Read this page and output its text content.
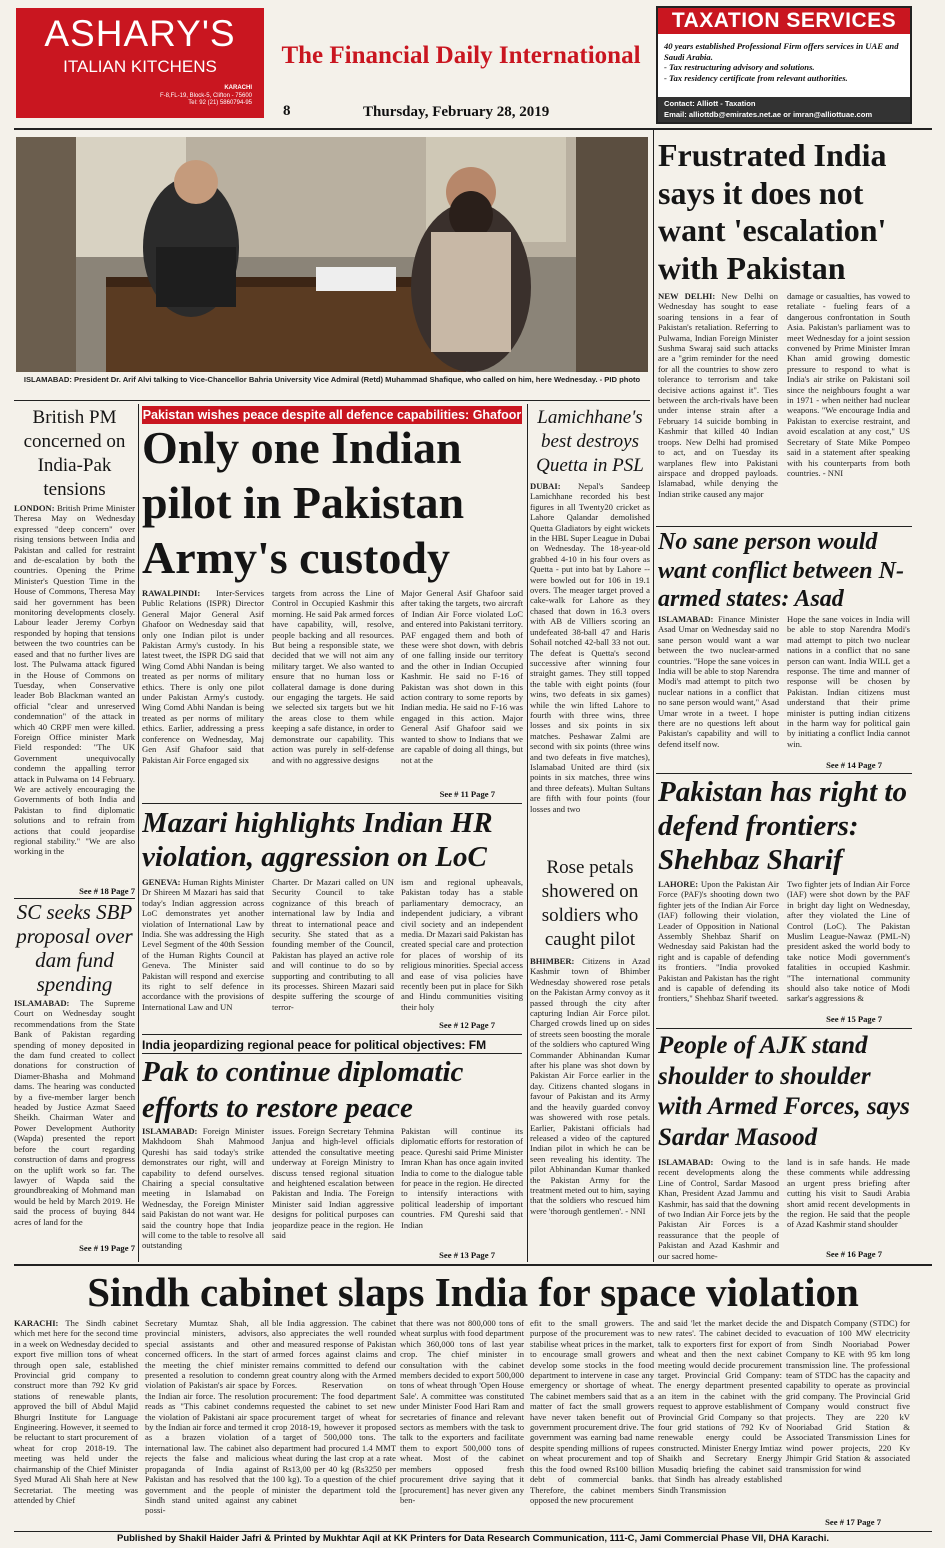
ASHARY'S
ITALIAN KITCHENS
KARACHI
F-8,FL-19, Block-5, Clifton - 75600
Tel: 92 (21) 5860794-95
The Financial Daily International
8	Thursday, February 28, 2019
TAXATION SERVICES
40 years established Professional Firm offers services in UAE and Saudi Arabia.
- Tax restructuring advisory and solutions.
- Tax residency certificate from relevant authorities.
Contact: Alliott - Taxation
Email: alliottdb@emirates.net.ae or imran@alliottuae.com
ISLAMABAD: President Dr. Arif Alvi talking to Vice-Chancellor Bahria University Vice Admiral (Retd) Muhammad Shafique, who called on him, here Wednesday. - PID photo
Frustrated India says it does not want 'escalation' with Pakistan
NEW DELHI: New Delhi on Wednesday has sought to ease soaring tensions in a fear of Pakistan's retaliation. Referring to Pulwama, Indian Foreign Minister Sushma Swaraj said such attacks are a "grim reminder for the need for all the countries to show zero tolerance to terrorism and take decisive actions against it". Ties between the arch-rivals have been under intense strain after a February 14 suicide bombing in Kashmir that killed 40 Indian troops. New Delhi had promised to act, and on Tuesday its warplanes flew into Pakistani airspace and dropped payloads. Islamabad, while denying the Indian strike caused any major
damage or casualties, has vowed to retaliate - fueling fears of a dangerous confrontation in South Asia. Pakistan's parliament was to meet Wednesday for a joint session convened by Prime Minister Imran Khan amid growing domestic pressure to respond to what is India's air strike on Pakistani soil since the neighbours fought a war in 1971 - when neither had nuclear weapons. "We encourage India and Pakistan to exercise restraint, and avoid escalation at any cost," US Secretary of State Mike Pompeo said in a statement after speaking with his counterparts from both countries. - NNI
British PM concerned on India-Pak tensions
LONDON: British Prime Minister Theresa May on Wednesday expressed "deep concern" over rising tensions between India and Pakistan and called for restraint and de-escalation by both the countries. Opening the Prime Minister's Question Time in the House of Commons, Theresa May said her government has been monitoring developments closely. Labour leader Jeremy Corbyn responded by hoping that tensions between the two countries can be eased and that no further lives are lost. The Pulwama attack figured in the House of Commons on Tuesday, when Conservative leader Bob Blackman wanted an official "clear and unreserved condemnation" of the attack in which 40 CRPF men were killed. Foreign Office minister Mark Field responded: "The UK Government unequivocally condemn the appalling terror attack in Pulwama on 14 February. We are actively encouraging the Governments of both India and Pakistan to find diplomatic solutions and to refrain from actions that could jeopardise regional stability." "We are also working in the
See # 18 Page 7
SC seeks SBP proposal over dam fund spending
ISLAMABAD: The Supreme Court on Wednesday sought recommendations from the State Bank of Pakistan regarding spending of money deposited in the dam fund created to collect donations for construction of Diamer-Bhasha and Mohmand dams. The hearing was conducted by a five-member larger bench headed by Justice Azmat Saeed Sheikh. Chairman Water and Power Development Authority (Wapda) presented the report before the court regarding construction of dams and progress on the uplift work so far. The lawyer of Wapda said the groundbreaking of Mohmand man would be held by March 2019. He said the process of buying 844 acres of land for the
See # 19 Page 7
Pakistan wishes peace despite all defence capabilities: Ghafoor
Only one Indian pilot in Pakistan Army's custody
RAWALPINDI: Inter-Services Public Relations (ISPR) Director General Major General Asif Ghafoor on Wednesday said that only one Indian pilot is under Pakistan Army's custody. In his latest tweet, the ISPR DG said that Wing Comd Abhi Nandan is being treated as per norms of military ethics. There is only one pilot under Pakistan Army's custody. Wing Comd Abhi Nandan is being treated as per norms of military ethics. Earlier, addressing a press conference on Wednesday, Maj Gen Asif Ghafoor said that Pakistan Air Force engaged six
targets from across the Line of Control in Occupied Kashmir this morning. He said Pak armed forces have capability, will, resolve, people backing and all resources. But being a responsible state, we decided that we will not aim any military target. We also wanted to ensure that no human loss or collateral damage is done during our engaging the targets. He said we selected six targets but we hit the areas close to them while keeping a safe distance, in order to demonstrate our capability. This action was purely in self-defense and with no aggressive designs
Major General Asif Ghafoor said after taking the targets, two aircraft of Indian Air Force violated LoC and entered into Pakistani territory. PAF engaged them and both of these were shot down, with debris of one falling inside our territory and the other in Indian Occupied Kashmir. He said no F-16 of Pakistan was shot down in this action contrary to some reports by Indian media. He said no F-16 was engaged in this action. Major General Asif Ghafoor said we wanted to show to Indians that we are capable of doing all things, but not at the
See # 11 Page 7
Mazari highlights Indian HR violation, aggression on LoC
GENEVA: Human Rights Minister Dr Shireen M Mazari has said that today's Indian aggression across LoC demonstrates yet another violation of International Law by India. She was addressing the High Level Segment of the 40th Session of the Human Rights Council at Geneva. The Minister said Pakistan will respond and exercise its right to self defence in accordance with the provisions of International Law and UN
Charter. Dr Mazari called on UN Security Council to take cognizance of this breach of international law by India and threat to international peace and security. She stated that as a founding member of the Council, Pakistan has played an active role and will continue to do so by supporting and contributing to all its processes. Shireen Mazari said despite suffering the scourge of terror-
ism and regional upheavals, Pakistan today has a stable parliamentary democracy, an independent judiciary, a vibrant civil society and an independent media. Dr Mazari said Pakistan has created special care and protection for places of worship of its religious minorities. Special access and ease of visa policies have recently been put in place for Sikh and Hindu communities visiting their holy
See # 12 Page 7
India jeopardizing regional peace for political objectives: FM
Pak to continue diplomatic efforts to restore peace
ISLAMABAD: Foreign Minister Makhdoom Shah Mahmood Qureshi has said today's strike demonstrates our right, will and capability to defend ourselves. Chairing a special consultative meeting in Islamabad on Wednesday, the Foreign Minister said Pakistan do not want war. He said the country hope that India will come to the table to resolve all outstanding
issues. Foreign Secretary Tehmina Janjua and high-level officials attended the consultative meeting underway at Foreign Ministry to discuss tensed regional situation and heightened escalation between Pakistan and India. The Foreign Minister said Indian aggressive designs for political purposes can jeopardize peace in the region. He said
Pakistan will continue its diplomatic efforts for restoration of peace. Qureshi said Prime Minister Imran Khan has once again invited India to come to the dialogue table for peace in the region. He directed to intensify interactions with political leadership of important countries. FM Qureshi said that Indian
See # 13 Page 7
Lamichhane's best destroys Quetta in PSL
DUBAI: Nepal's Sandeep Lamichhane recorded his best figures in all Twenty20 cricket as Lahore Qalandar demolished Quetta Gladiators by eight wickets in the HBL Super League in Dubai on Wednesday. The 18-year-old grabbed 4-10 in his four overs as Quetta - put into bat by Lahore -- were bowled out for 106 in 19.1 overs. The meager target proved a cake-walk for Lahore as they chased that down in 16.3 overs with AB de Villiers scoring an undefeated 38-ball 47 and Haris Sohail notched 42-ball 33 not out. The defeat is Quetta's second successive after winning four straight games. They still topped the table with eight points (four wins, two defeats in six games) while the win lifted Lahore to fourth with three wins, three losses and six points in six matches. Peshawar Zalmi are second with six points (three wins and two defeats in five matches), Islamabad United are third (six points in six matches, three wins and three defeats). Multan Sultans are fifth with four points (four losses and two
Rose petals showered on soldiers who caught pilot
BHIMBER: Citizens in Azad Kashmir town of Bhimber Wednesday showered rose petals on the Pakistan Army convoy as it passed through the city after capturing Indian Air Force pilot. Charged crowds lined up on sides of streets seen boosting the morale of the soldiers who captured Wing Commander Abhinandan Kumar after his plane was shot down by Pakistan Air Force earlier in the day. Citizens chanted slogans in favour of Pakistan and its Army and the heavily guarded convoy was showered with rose petals. Earlier, Pakistani officials had released a video of the captured Indian pilot in which he can be seen revealing his identity. The pilot Abhinandan Kumar thanked the Pakistan Army for the treatment meted out to him, saying that the soldiers who rescued him were 'thorough gentlemen'. - NNI
No sane person would want conflict between N-armed states: Asad
ISLAMABAD: Finance Minister Asad Umar on Wednesday said no sane person would want a war between the two nuclear-armed countries. "Hope the sane voices in India will be able to stop Narendra Modi's mad attempt to pitch two nuclear nations in a conflict that no sane person would want," Asad Umar wrote in a tweet. I hope there are no questions left about Pakistan's capability and will to defend itself now.
Hope the sane voices in India will be able to stop Narendra Modi's mad attempt to pitch two nuclear nations in a conflict that no sane person can want. India WILL get a response. The time and manner of response will be chosen by Pakistan. Indian citizens must understand that their prime minister is putting indian citizens in the harm way for political gain by initiating a conflict India cannot win.
See # 14 Page 7
Pakistan has right to defend frontiers: Shehbaz Sharif
LAHORE: Upon the Pakistan Air Force (PAF)'s shooting down two fighter jets of the Indian Air Force (IAF) following their violation, Leader of Opposition in National Assembly Shehbaz Sharif on Wednesday said Pakistan had the right and is capable of defending its frontiers. "India provoked Pakistan and Pakistan has the right and is capable of defending its frontiers," Shehbaz Sharif tweeted.
Two fighter jets of Indian Air Force (IAF) were shot down by the PAF in bright day light on Wednesday, after they violated the Line of Control (LoC). The Pakistan Muslim League-Nawaz (PML-N) president asked the world body to take notice Modi government's fatalities in occupied Kashmir. "The international community should also take notice of Modi sarkar's aggressions &
See # 15 Page 7
People of AJK stand shoulder to shoulder with Armed Forces, says Sardar Masood
ISLAMABAD: Owing to the recent developments along the Line of Control, Sardar Masood Khan, President Azad Jammu and Kashmir, has said that the downing of two Indian Air Force jets by the Pakistan Air Forces is a reassurance that the people of Pakistan and Azad Kashmir and our sacred home-
land is in safe hands. He made these comments while addressing an urgent press briefing after cutting his visit to Saudi Arabia short amid recent developments in the region. He said that the people of Azad Kashmir stand shoulder
See # 16 Page 7
Sindh cabinet slaps India for space violation
KARACHI: The Sindh cabinet which met here for the second time in a week on Wednesday decided to export five million tons of wheat through open sale, established Provincial grid company to construct more than 792 Kv grid stations of renewable plants, approved the bill of Abdul Majid Bhurgri Institute for Language Engineering. However, it seemed to be reluctant to start procurement of wheat for crop 2018-19. The meeting was held under the chairmanship of the Chief Minister Syed Murad Ali Shah here at New Secretariat. The meeting was attended by Chief
Secretary Mumtaz Shah, all provincial ministers, advisors, special assistants and other concerned officers. In the start of the meeting the chief minister presented a resolution to condemn violation of Pakistan's air space by the Indian air force. The resolution reads as "This cabinet condemns the violation of Pakistani air space by the Indian air force and termed it as a brazen violation of international law. The cabinet also rejects the false and malicious propaganda of India against Pakistan and has resolved that the government and the people of Sindh stand united against any possi-
ble India aggression. The cabinet also appreciates the well rounded and measured response of Pakistan armed forces against claims and remains committed to defend our great country along with the Armed Forces. Reservation on procurement: The food department requested the cabinet to set new procurement target of wheat for crop 2018-19, however it proposed a target of 500,000 tons. The department had procured 1.4 MMT wheat during the last crop at a rate of Rs13,00 per 40 kg (Rs3250 per 100 kg). To a question of the chief minister the department told the cabinet
that there was not 800,000 tons of wheat surplus with food department which 360,000 tons of last year crop. The chief minister in consultation with the cabinet members decided to export 500,000 tons of wheat through 'Open House Sale'. A committee was constituted under Minister Food Hari Ram and secretaries of finance and relevant sectors as members with the task to talk to the exporters and facilitate them to export 500,000 tons of wheat. Most of the cabinet members opposed fresh procurement drive saying that it [procurement] has never given any ben-
efit to the small growers. The purpose of the procurement was to stabilise wheat prices in the market, to encourage small growers and develop some stocks in the food department to intervene in case any emergency or shortage of wheat. The cabinet members said that as a matter of fact the small growers have never taken benefit out of government procurement drive. The government was earning bad name despite spending millions of rupees on wheat procurement and top of this the food owned Rs100 billion debt of commercial banks. Therefore, the cabinet members opposed the new procurement
and said 'let the market decide the new rates'. The cabinet decided to talk to exporters first for export of wheat and then the next cabinet meeting would decide procurement target. Provincial Grid Company: The energy department presented an item in the cabinet with the request to approve establishment of Provincial Grid Company so that four grid stations of 792 Kv of renewable energy could be constructed. Minister Energy Imtiaz Shaikh and Secretary Energy Musadiq briefing the cabinet said that Sindh has already established Sindh Transmission
and Dispatch Company (STDC) for evacuation of 100 MW electricity from Sindh Nooriabad Power Company to KE with 95 km long transmission line. The professional team of STDC has the capacity and capability to operate as provincial grid company. The Provincial Grid Company would construct five projects. They are 220 kV Nooriabad Grid Station & Associated Transmission Lines for wind power projects, 220 Kv Jhimpir Grid Station & associated transmission for wind
See # 17 Page 7
Published by Shakil Haider Jafri & Printed by Mukhtar Aqil at KK Printers for Data Research Communication, 111-C, Jami Commercial Phase VII, DHA Karachi.
